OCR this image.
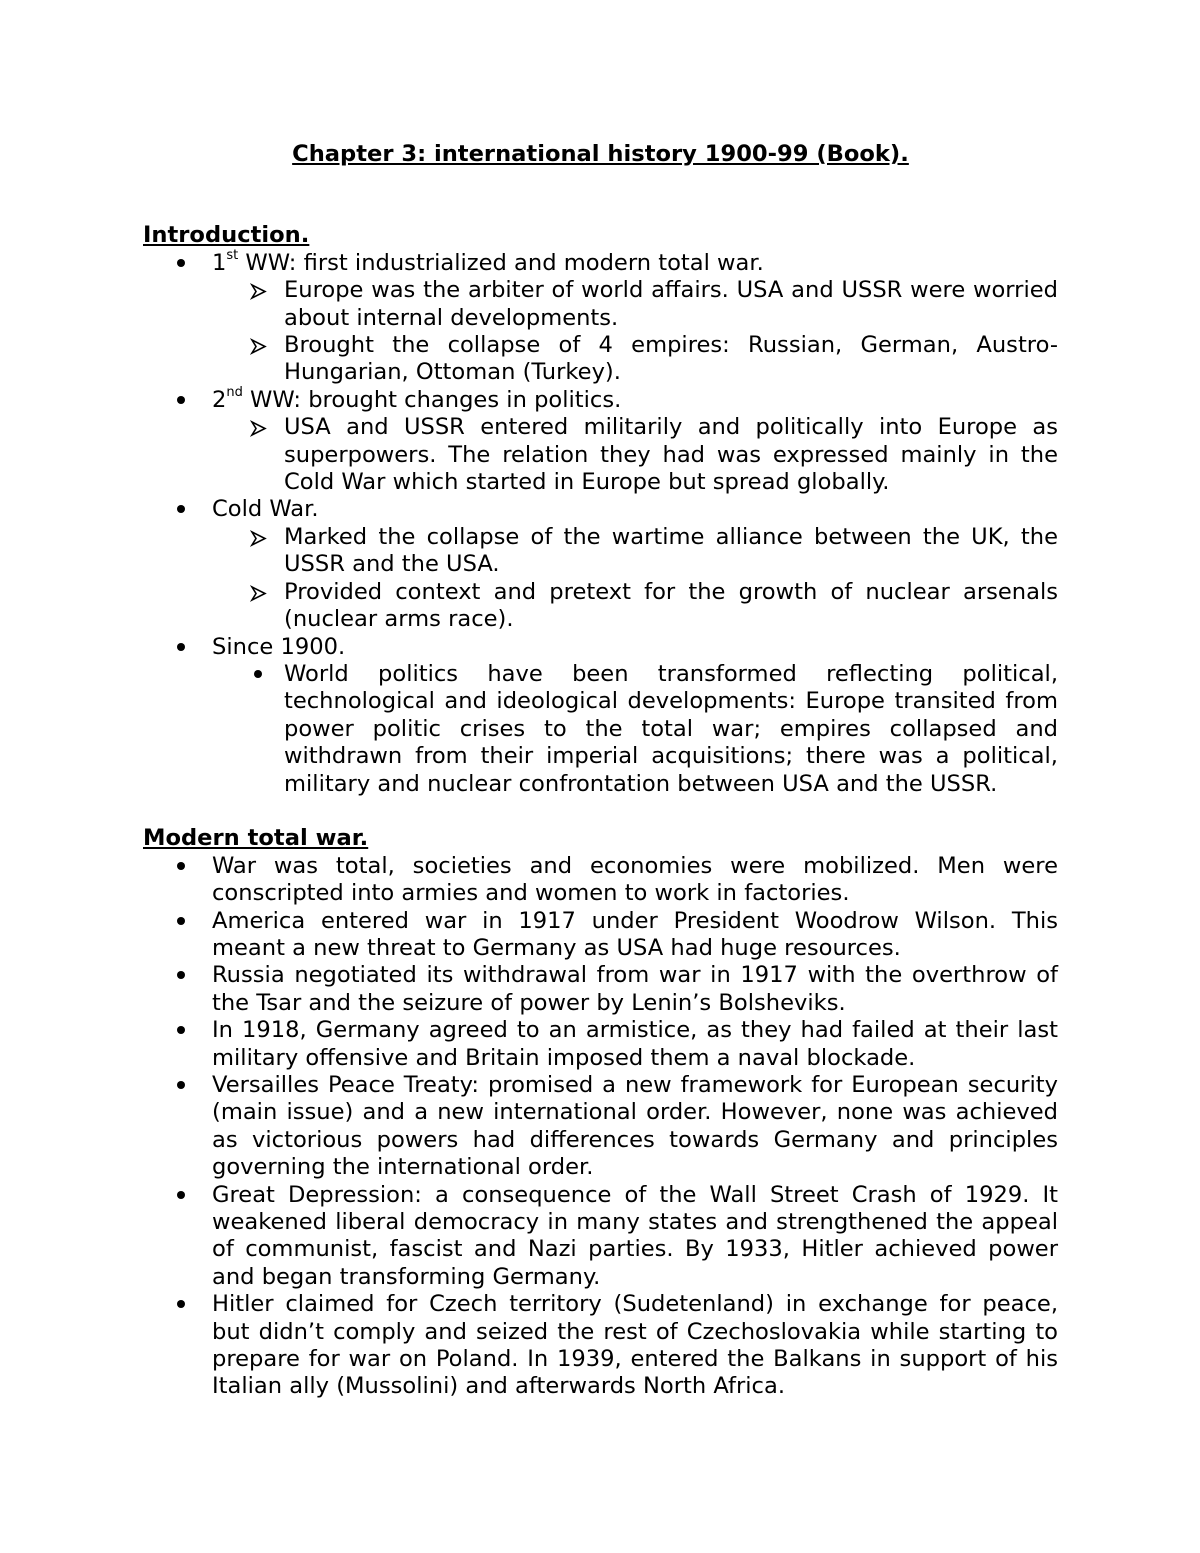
Chapter 3: international history 1900-99 (Book).
Introduction.
1st WW: first industrialized and modern total war.
Europe was the arbiter of world affairs. USA and USSR were worried about internal developments.
Brought the collapse of 4 empires: Russian, German, Austro-Hungarian, Ottoman (Turkey).
2nd WW: brought changes in politics.
USA and USSR entered militarily and politically into Europe as superpowers. The relation they had was expressed mainly in the Cold War which started in Europe but spread globally.
Cold War.
Marked the collapse of the wartime alliance between the UK, the USSR and the USA.
Provided context and pretext for the growth of nuclear arsenals (nuclear arms race).
Since 1900.
World politics have been transformed reflecting political, technological and ideological developments: Europe transited from power politic crises to the total war; empires collapsed and withdrawn from their imperial acquisitions; there was a political, military and nuclear confrontation between USA and the USSR.
Modern total war.
War was total, societies and economies were mobilized. Men were conscripted into armies and women to work in factories.
America entered war in 1917 under President Woodrow Wilson. This meant a new threat to Germany as USA had huge resources.
Russia negotiated its withdrawal from war in 1917 with the overthrow of the Tsar and the seizure of power by Lenin’s Bolsheviks.
In 1918, Germany agreed to an armistice, as they had failed at their last military offensive and Britain imposed them a naval blockade.
Versailles Peace Treaty: promised a new framework for European security (main issue) and a new international order. However, none was achieved as victorious powers had differences towards Germany and principles governing the international order.
Great Depression: a consequence of the Wall Street Crash of 1929. It weakened liberal democracy in many states and strengthened the appeal of communist, fascist and Nazi parties. By 1933, Hitler achieved power and began transforming Germany.
Hitler claimed for Czech territory (Sudetenland) in exchange for peace, but didn’t comply and seized the rest of Czechoslovakia while starting to prepare for war on Poland. In 1939, entered the Balkans in support of his Italian ally (Mussolini) and afterwards North Africa.
